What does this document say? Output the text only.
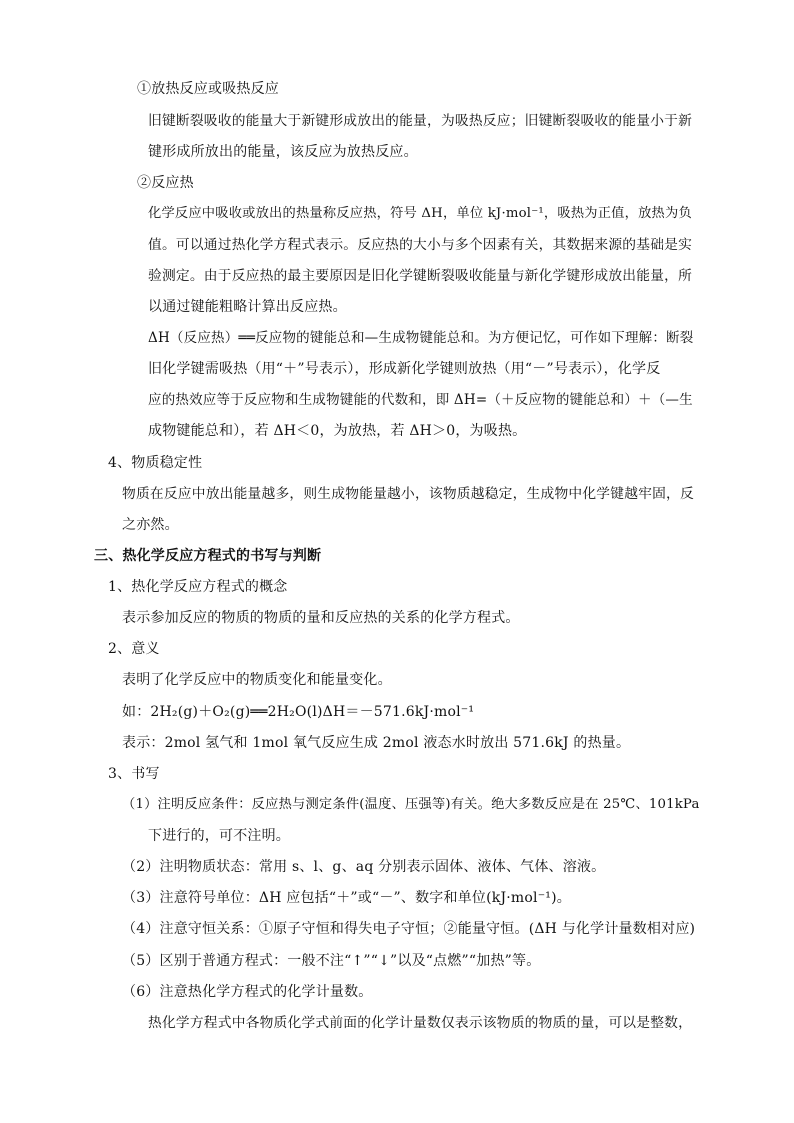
①放热反应或吸热反应

旧键断裂吸收的能量大于新键形成放出的能量，为吸热反应；旧键断裂吸收的能量小于新

键形成所放出的能量，该反应为放热反应。

②反应热

化学反应中吸收或放出的热量称反应热，符号 ΔH，单位 kJ·mol⁻¹，吸热为正值，放热为负

值。可以通过热化学方程式表示。反应热的大小与多个因素有关，其数据来源的基础是实

验测定。由于反应热的最主要原因是旧化学键断裂吸收能量与新化学键形成放出能量，所

以通过键能粗略计算出反应热。

ΔH（反应热）══反应物的键能总和—生成物键能总和。为方便记忆，可作如下理解：断裂

旧化学键需吸热（用“＋”号表示），形成新化学键则放热（用“－”号表示），化学反

应的热效应等于反应物和生成物键能的代数和，即 ΔH=（＋反应物的键能总和）＋（—生

成物键能总和），若 ΔH＜0，为放热，若 ΔH＞0，为吸热。

4、物质稳定性

物质在反应中放出能量越多，则生成物能量越小，该物质越稳定，生成物中化学键越牢固，反

之亦然。

三、热化学反应方程式的书写与判断

1、热化学反应方程式的概念

表示参加反应的物质的物质的量和反应热的关系的化学方程式。

2、意义

表明了化学反应中的物质变化和能量变化。

如：2H₂(g)＋O₂(g)══2H₂O(l)ΔH＝－571.6kJ·mol⁻¹

表示：2mol 氢气和 1mol 氧气反应生成 2mol 液态水时放出 571.6kJ 的热量。

3、书写

（1）注明反应条件：反应热与测定条件(温度、压强等)有关。绝大多数反应是在 25℃、101kPa

下进行的，可不注明。

（2）注明物质状态：常用 s、l、g、aq 分别表示固体、液体、气体、溶液。

（3）注意符号单位：ΔH 应包括“＋”或“－”、数字和单位(kJ·mol⁻¹)。

（4）注意守恒关系：①原子守恒和得失电子守恒；②能量守恒。(ΔH 与化学计量数相对应)

（5）区别于普通方程式：一般不注“↑”“↓”以及“点燃”“加热”等。

（6）注意热化学方程式的化学计量数。

热化学方程式中各物质化学式前面的化学计量数仅表示该物质的物质的量，可以是整数，
